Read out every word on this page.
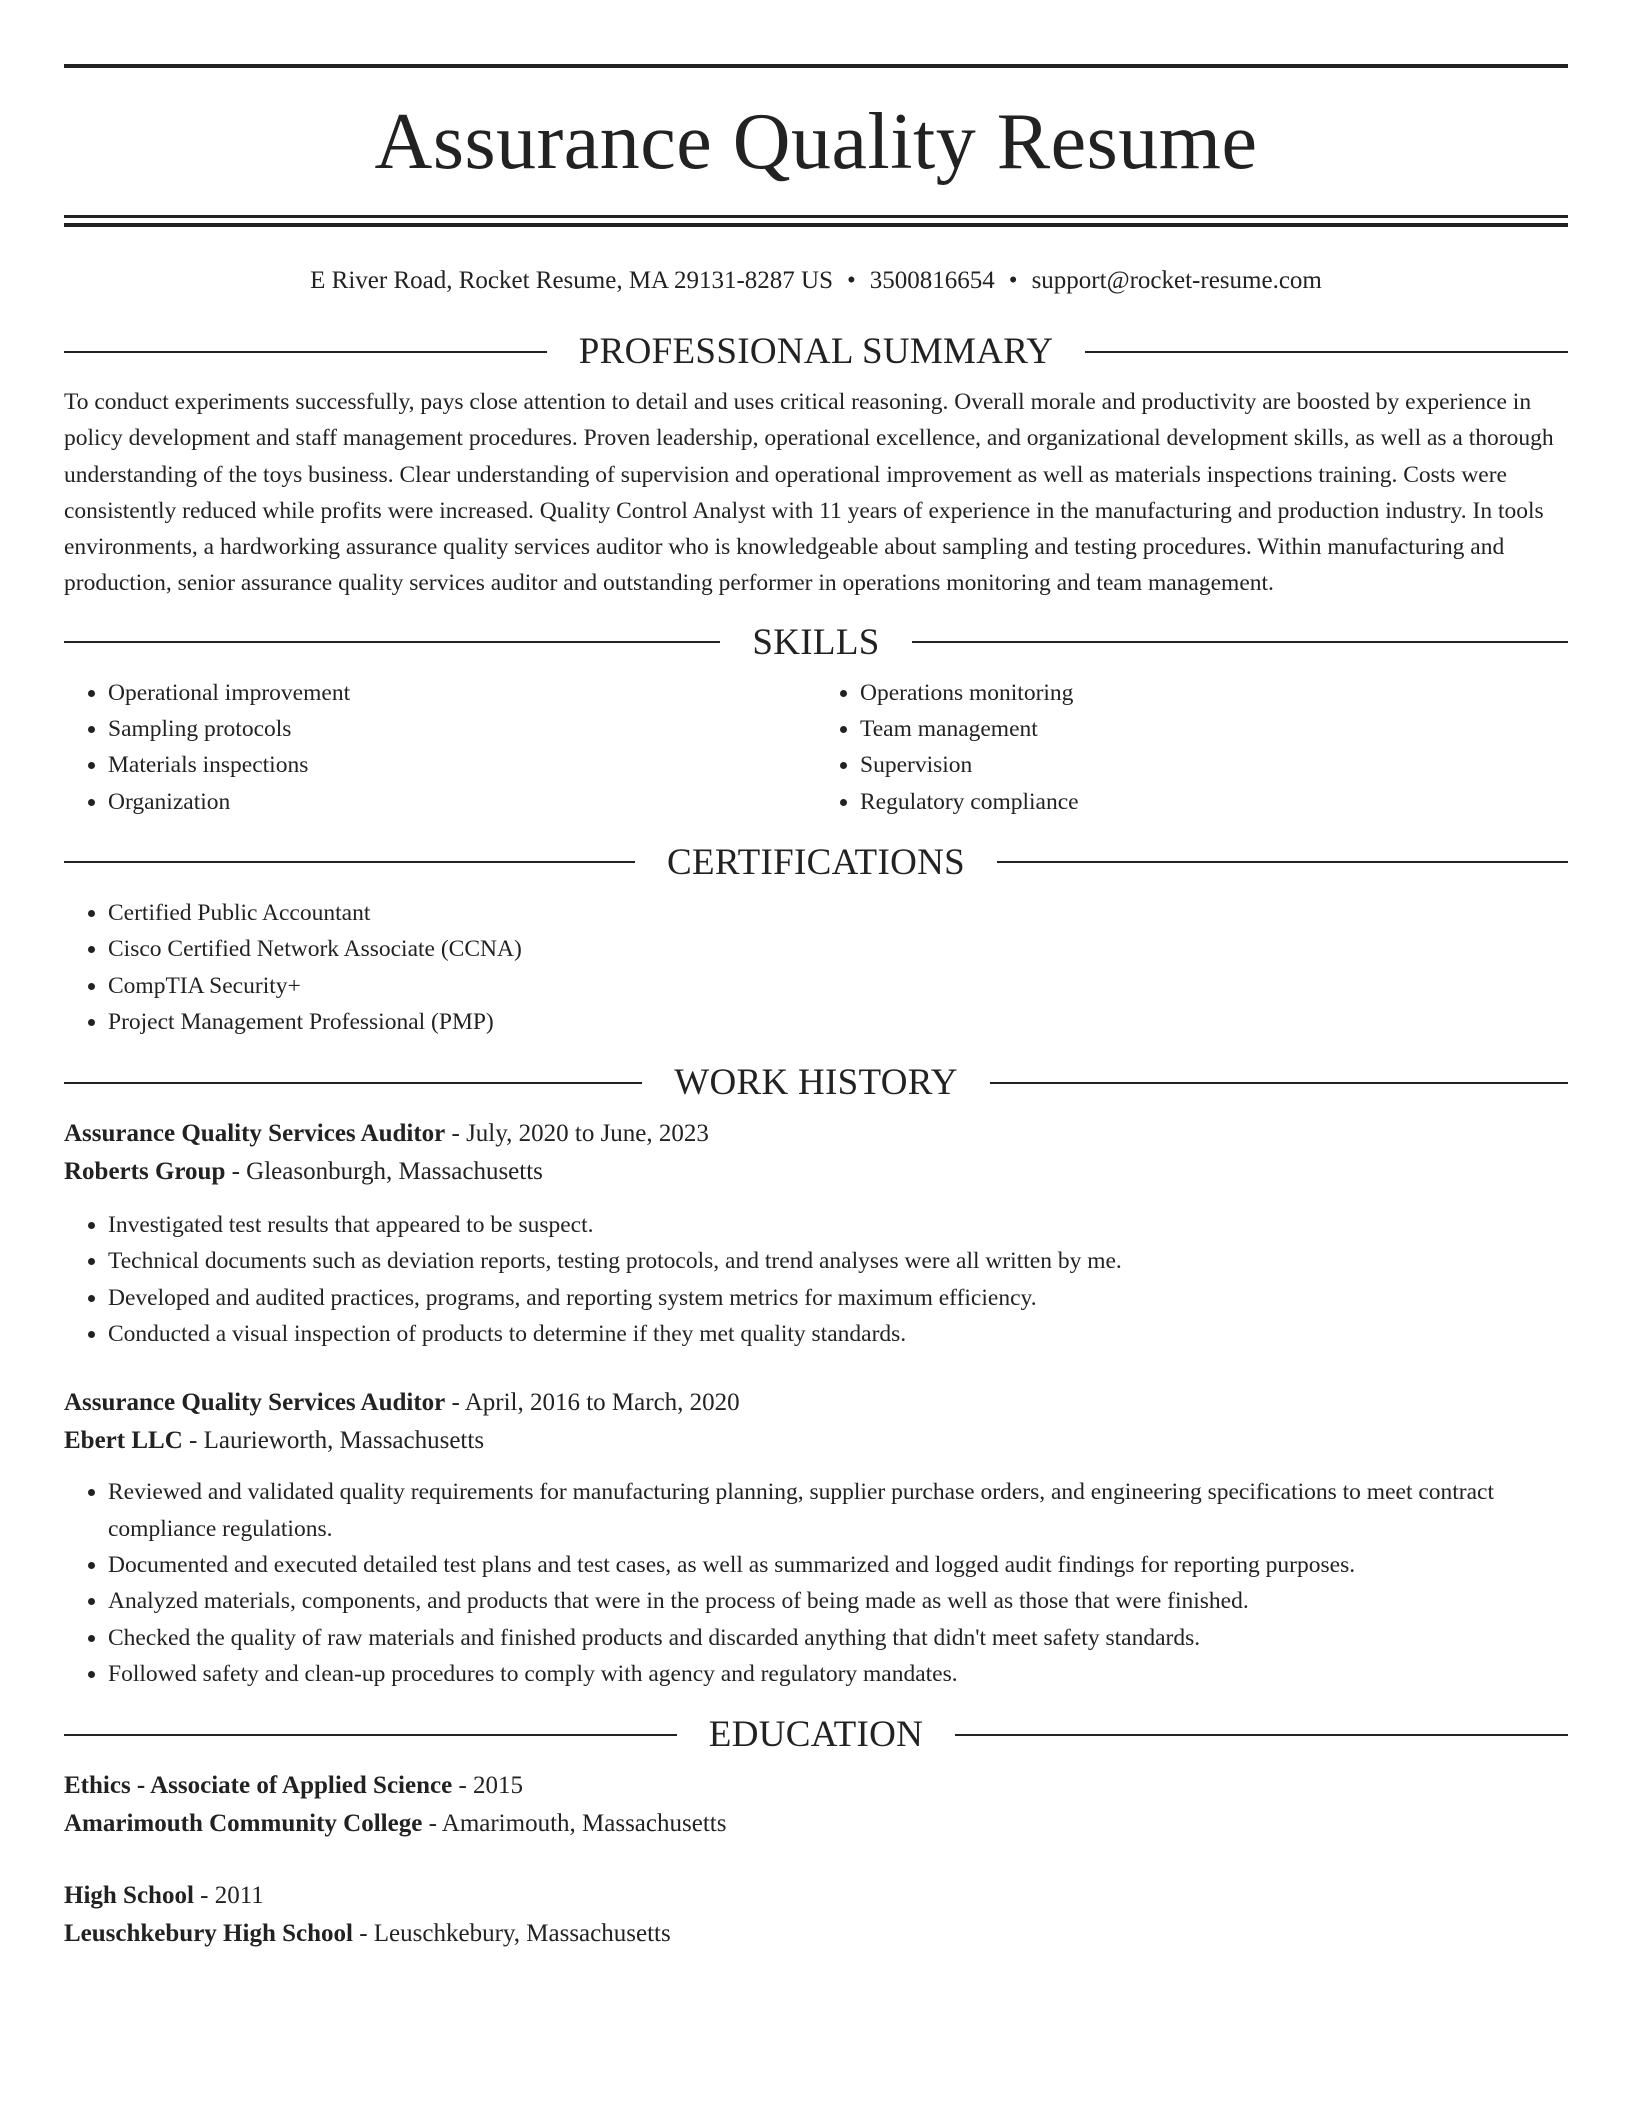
Assurance Quality Resume
E River Road, Rocket Resume, MA 29131-8287 US • 3500816654 • support@rocket-resume.com
PROFESSIONAL SUMMARY

To conduct experiments successfully, pays close attention to detail and uses critical reasoning. Overall morale and productivity are boosted by experience in policy development and staff management procedures. Proven leadership, operational excellence, and organizational development skills, as well as a thorough understanding of the toys business. Clear understanding of supervision and operational improvement as well as materials inspections training. Costs were consistently reduced while profits were increased. Quality Control Analyst with 11 years of experience in the manufacturing and production industry. In tools environments, a hardworking assurance quality services auditor who is knowledgeable about sampling and testing procedures. Within manufacturing and production, senior assurance quality services auditor and outstanding performer in operations monitoring and team management.

SKILLS
• Operational improvement
• Sampling protocols
• Materials inspections
• Organization
• Operations monitoring
• Team management
• Supervision
• Regulatory compliance
CERTIFICATIONS
• Certified Public Accountant
• Cisco Certified Network Associate (CCNA)
• CompTIA Security+
• Project Management Professional (PMP)
WORK HISTORY
Assurance Quality Services Auditor - July, 2020 to June, 2023
Roberts Group - Gleasonburgh, Massachusetts
• Investigated test results that appeared to be suspect.
• Technical documents such as deviation reports, testing protocols, and trend analyses were all written by me.
• Developed and audited practices, programs, and reporting system metrics for maximum efficiency.
• Conducted a visual inspection of products to determine if they met quality standards.
Assurance Quality Services Auditor - April, 2016 to March, 2020
Ebert LLC - Laurieworth, Massachusetts
• Reviewed and validated quality requirements for manufacturing planning, supplier purchase orders, and engineering specifications to meet contract compliance regulations.
• Documented and executed detailed test plans and test cases, as well as summarized and logged audit findings for reporting purposes.
• Analyzed materials, components, and products that were in the process of being made as well as those that were finished.
• Checked the quality of raw materials and finished products and discarded anything that didn't meet safety standards.
• Followed safety and clean-up procedures to comply with agency and regulatory mandates.
EDUCATION
Ethics - Associate of Applied Science - 2015
Amarimouth Community College - Amarimouth, Massachusetts
High School - 2011
Leuschkebury High School - Leuschkebury, Massachusetts
